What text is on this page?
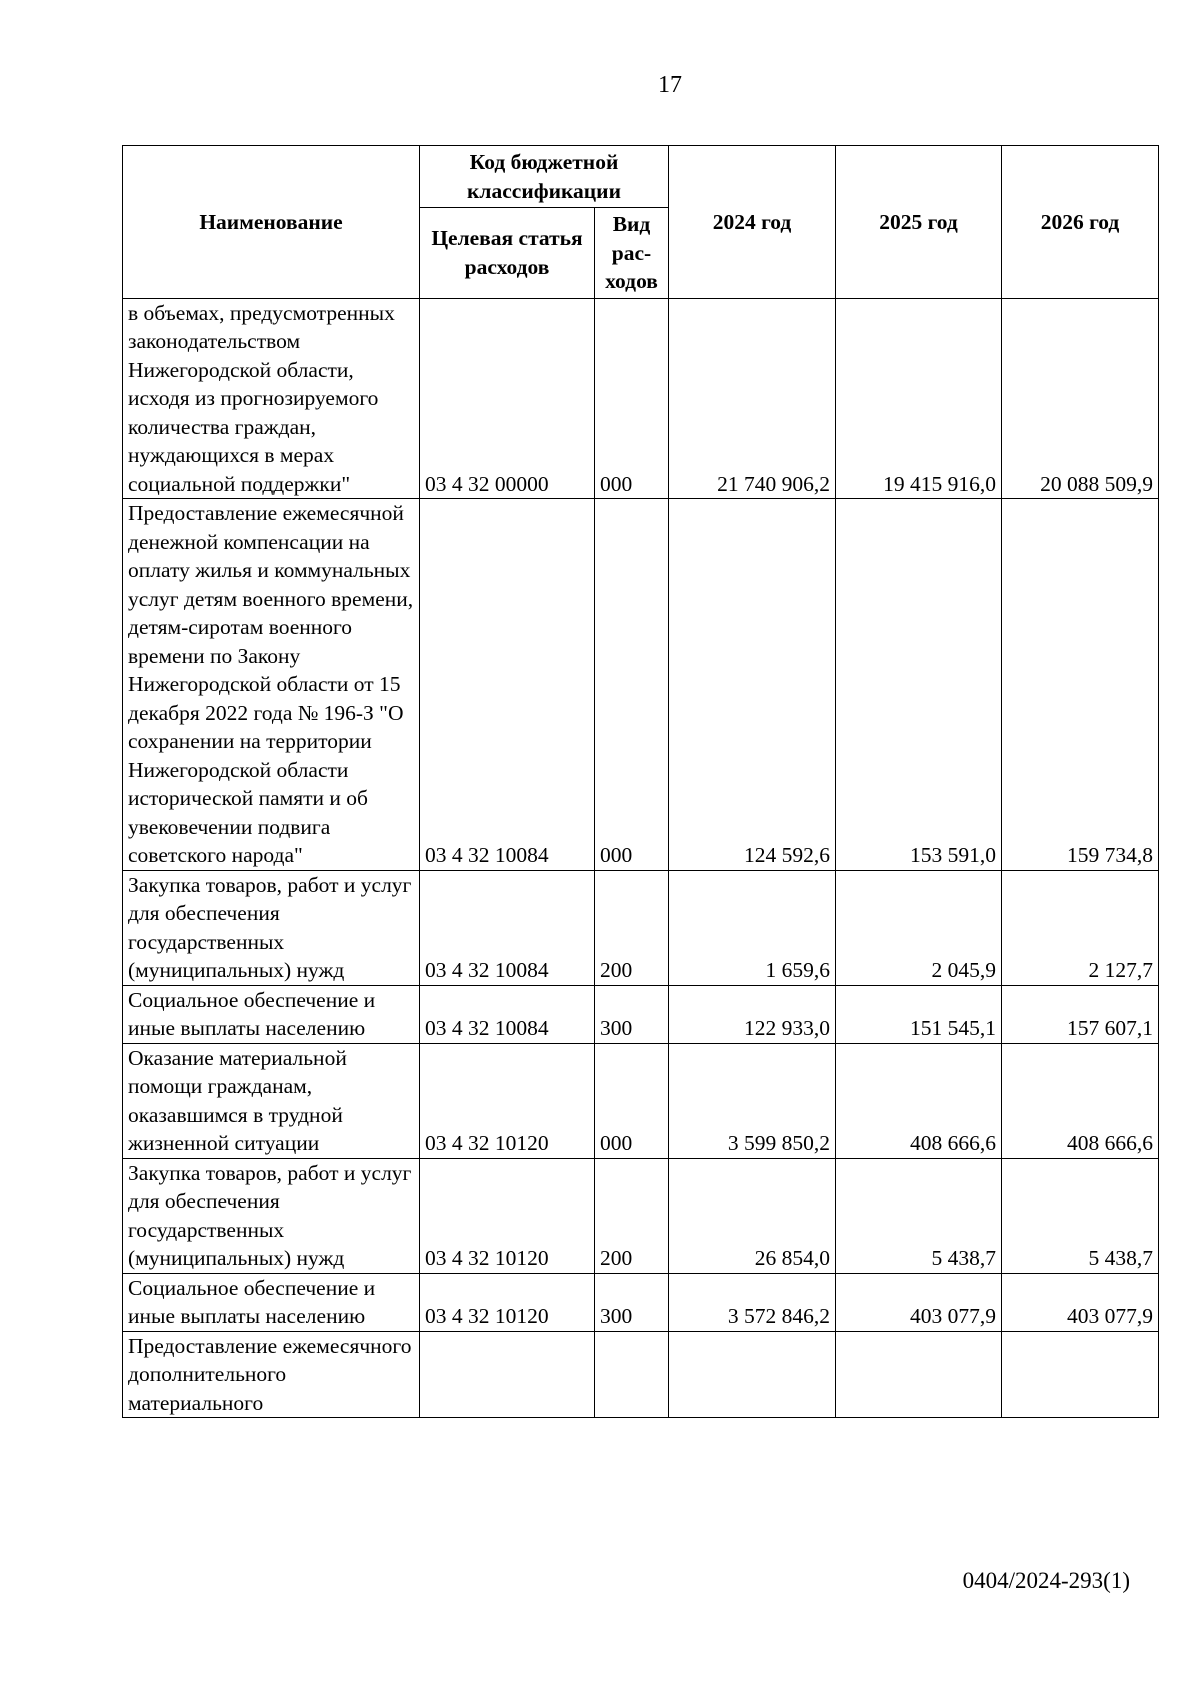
17
Наименование	Код бюджетной классификации		2024 год	2025 год	2026 год
	Целевая статья расходов	Вид рас-ходов			
в объемах, предусмотренных законодательством Нижегородской области, исходя из прогнозируемого количества граждан, нуждающихся в мерах социальной поддержки"	03 4 32 00000	000	21 740 906,2	19 415 916,0	20 088 509,9
Предоставление ежемесячной денежной компенсации на оплату жилья и коммунальных услуг детям военного времени, детям-сиротам военного времени по Закону Нижегородской области от 15 декабря 2022 года № 196-З "О сохранении на территории Нижегородской области исторической памяти и об увековечении подвига советского народа"	03 4 32 10084	000	124 592,6	153 591,0	159 734,8
Закупка товаров, работ и услуг для обеспечения государственных (муниципальных) нужд	03 4 32 10084	200	1 659,6	2 045,9	2 127,7
Социальное обеспечение и иные выплаты населению	03 4 32 10084	300	122 933,0	151 545,1	157 607,1
Оказание материальной помощи гражданам, оказавшимся в трудной жизненной ситуации	03 4 32 10120	000	3 599 850,2	408 666,6	408 666,6
Закупка товаров, работ и услуг для обеспечения государственных (муниципальных) нужд	03 4 32 10120	200	26 854,0	5 438,7	5 438,7
Социальное обеспечение и иные выплаты населению	03 4 32 10120	300	3 572 846,2	403 077,9	403 077,9
Предоставление ежемесячного дополнительного материального					
0404/2024-293(1)
